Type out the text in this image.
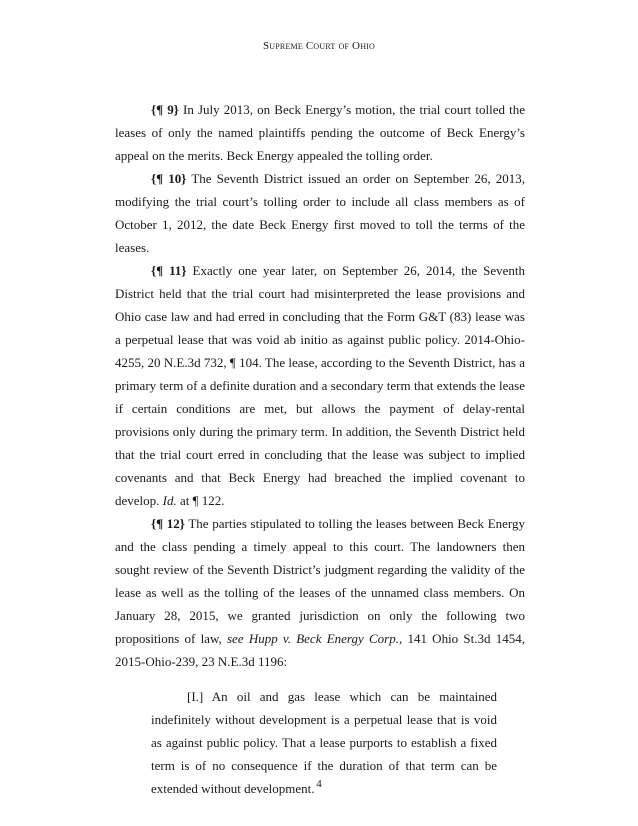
Supreme Court of Ohio

{¶ 9} In July 2013, on Beck Energy’s motion, the trial court tolled the leases of only the named plaintiffs pending the outcome of Beck Energy’s appeal on the merits. Beck Energy appealed the tolling order.

{¶ 10} The Seventh District issued an order on September 26, 2013, modifying the trial court’s tolling order to include all class members as of October 1, 2012, the date Beck Energy first moved to toll the terms of the leases.

{¶ 11} Exactly one year later, on September 26, 2014, the Seventh District held that the trial court had misinterpreted the lease provisions and Ohio case law and had erred in concluding that the Form G&T (83) lease was a perpetual lease that was void ab initio as against public policy. 2014-Ohio-4255, 20 N.E.3d 732, ¶ 104. The lease, according to the Seventh District, has a primary term of a definite duration and a secondary term that extends the lease if certain conditions are met, but allows the payment of delay-rental provisions only during the primary term. In addition, the Seventh District held that the trial court erred in concluding that the lease was subject to implied covenants and that Beck Energy had breached the implied covenant to develop. Id. at ¶ 122.

{¶ 12} The parties stipulated to tolling the leases between Beck Energy and the class pending a timely appeal to this court. The landowners then sought review of the Seventh District’s judgment regarding the validity of the lease as well as the tolling of the leases of the unnamed class members. On January 28, 2015, we granted jurisdiction on only the following two propositions of law, see Hupp v. Beck Energy Corp., 141 Ohio St.3d 1454, 2015-Ohio-239, 23 N.E.3d 1196:

[I.] An oil and gas lease which can be maintained indefinitely without development is a perpetual lease that is void as against public policy. That a lease purports to establish a fixed term is of no consequence if the duration of that term can be extended without development. 4
